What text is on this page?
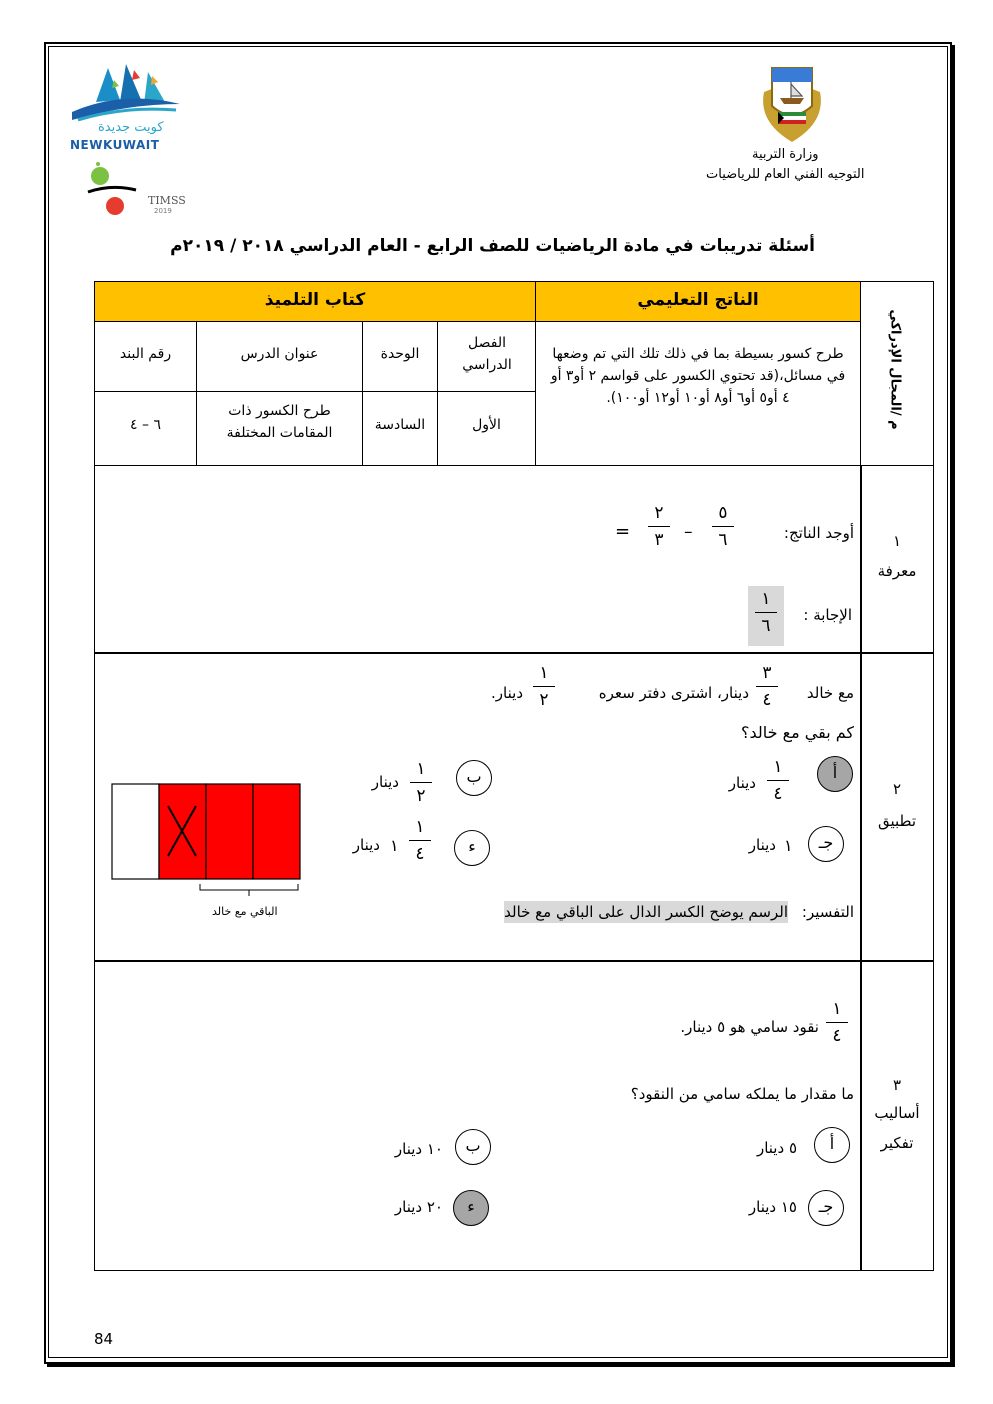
كويت جديدة
NEWKUWAIT
TIMSS
2019
وزارة التربية
التوجيه الفني العام للرياضيات
أسئلة تدريبات في مادة الرياضيات للصف الرابع - العام الدراسي ٢٠١٨ / ٢٠١٩م
م /المجال الإدراكي
الناتج التعليمي
كتاب التلميذ
طرح كسور بسيطة بما في ذلك تلك التي تم وضعها في مسائل،(قد تحتوي الكسور على قواسم ٢ أو٣ أو ٤ أو٥ أو٦ أو٨ أو١٠ أو١٢ أو١٠٠).
الفصل الدراسي
الوحدة
عنوان الدرس
رقم البند
الأول
السادسة
طرح الكسور ذات المقامات المختلفة
٦ – ٤
١
معرفة
أوجد الناتج:
٥
٦
–
٢
٣
=
الإجابة :
١
٦
٢
تطبيق
مع خالد
٣
٤
دينار، اشترى دفتر سعره
١
٢
دينار.
كم بقي مع خالد؟
أ
١
٤
دينار
ب
١
٢
دينار
جـ
١
دينار
ء
١
٤
١
دينار
الباقي مع خالد	التفسير:
الرسم يوضح الكسر الدال على الباقي مع خالد
٣
أساليب
تفكير
١
٤
نقود سامي هو ٥ دينار.
ما مقدار ما يملكه سامي من النقود؟
أ
٥ دينار
ب
١٠ دينار
جـ
١٥ دينار
ء
٢٠ دينار
84
